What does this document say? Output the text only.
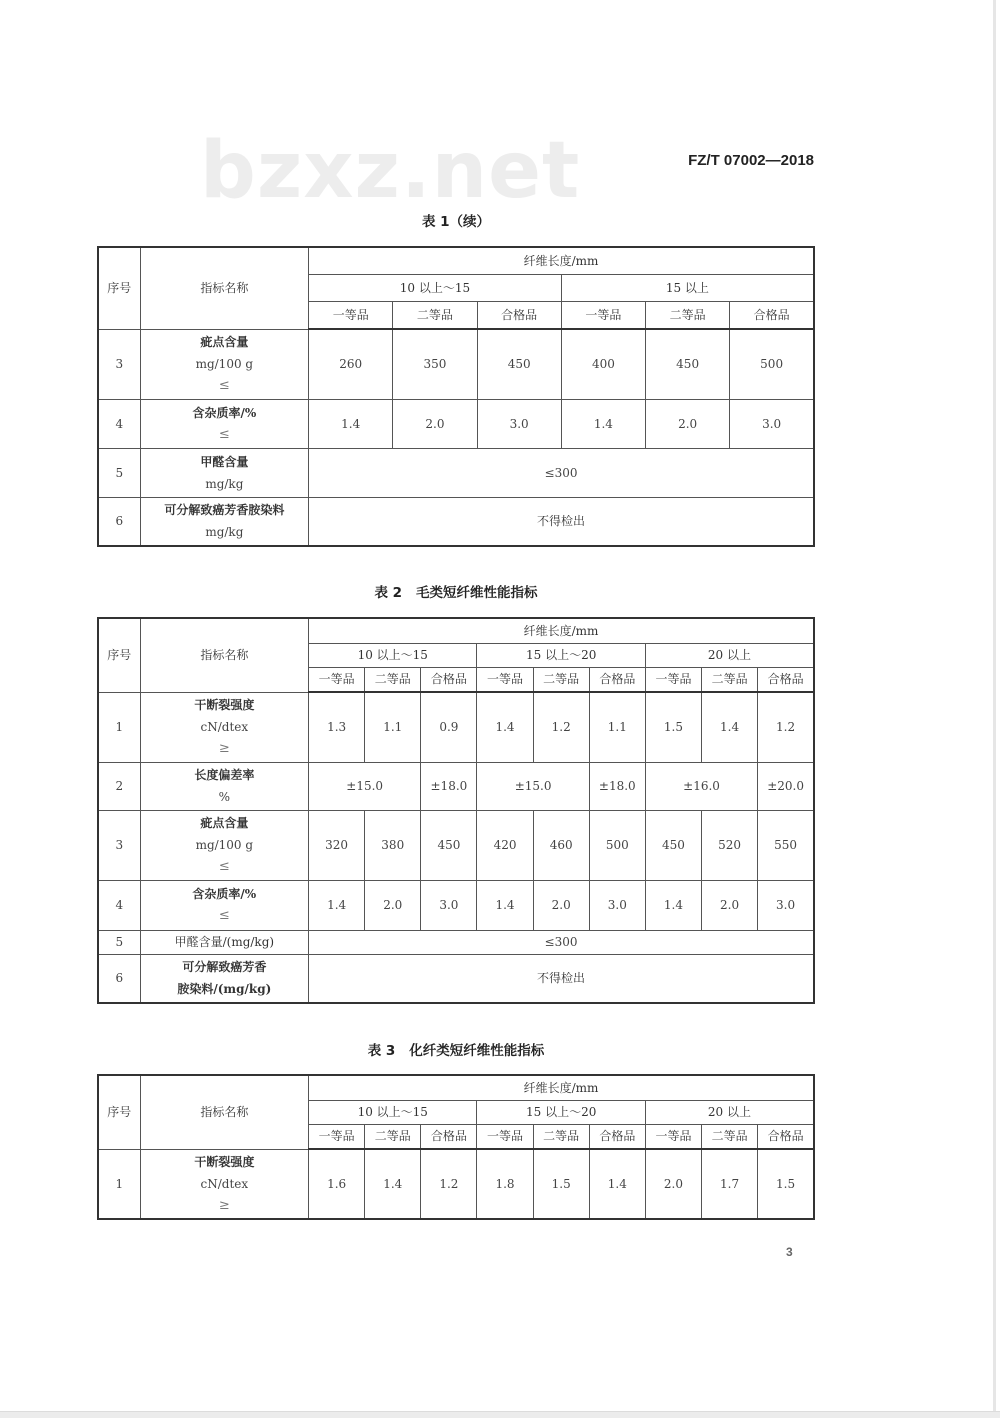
bzxz.net	FZ/T 07002—2018
表 1（续）
序号	指标名称	纤维长度/mm					
		10 以上～15			15 以上		
		一等品	二等品	合格品	一等品	二等品	合格品
3	疵点含量
mg/100 g
≤	260	350	450	400	450	500
4	含杂质率/%
≤	1.4	2.0	3.0	1.4	2.0	3.0
5	甲醛含量
mg/kg	≤300					
6	可分解致癌芳香胺染料
mg/kg	不得检出					
表 2 毛类短纤维性能指标
序号	指标名称	纤维长度/mm								
		10 以上～15			15 以上～20			20 以上		
		一等品	二等品	合格品	一等品	二等品	合格品	一等品	二等品	合格品
1	干断裂强度
cN/dtex
≥	1.3	1.1	0.9	1.4	1.2	1.1	1.5	1.4	1.2
2	长度偏差率
%	±15.0		±18.0	±15.0		±18.0	±16.0		±20.0
3	疵点含量
mg/100 g
≤	320	380	450	420	460	500	450	520	550
4	含杂质率/%
≤	1.4	2.0	3.0	1.4	2.0	3.0	1.4	2.0	3.0
5	甲醛含量/(mg/kg)	≤300								
6	可分解致癌芳香
胺染料/(mg/kg)	不得检出								
表 3 化纤类短纤维性能指标
序号	指标名称	纤维长度/mm								
		10 以上～15			15 以上～20			20 以上		
		一等品	二等品	合格品	一等品	二等品	合格品	一等品	二等品	合格品
1	干断裂强度
cN/dtex
≥	1.6	1.4	1.2	1.8	1.5	1.4	2.0	1.7	1.5
3
